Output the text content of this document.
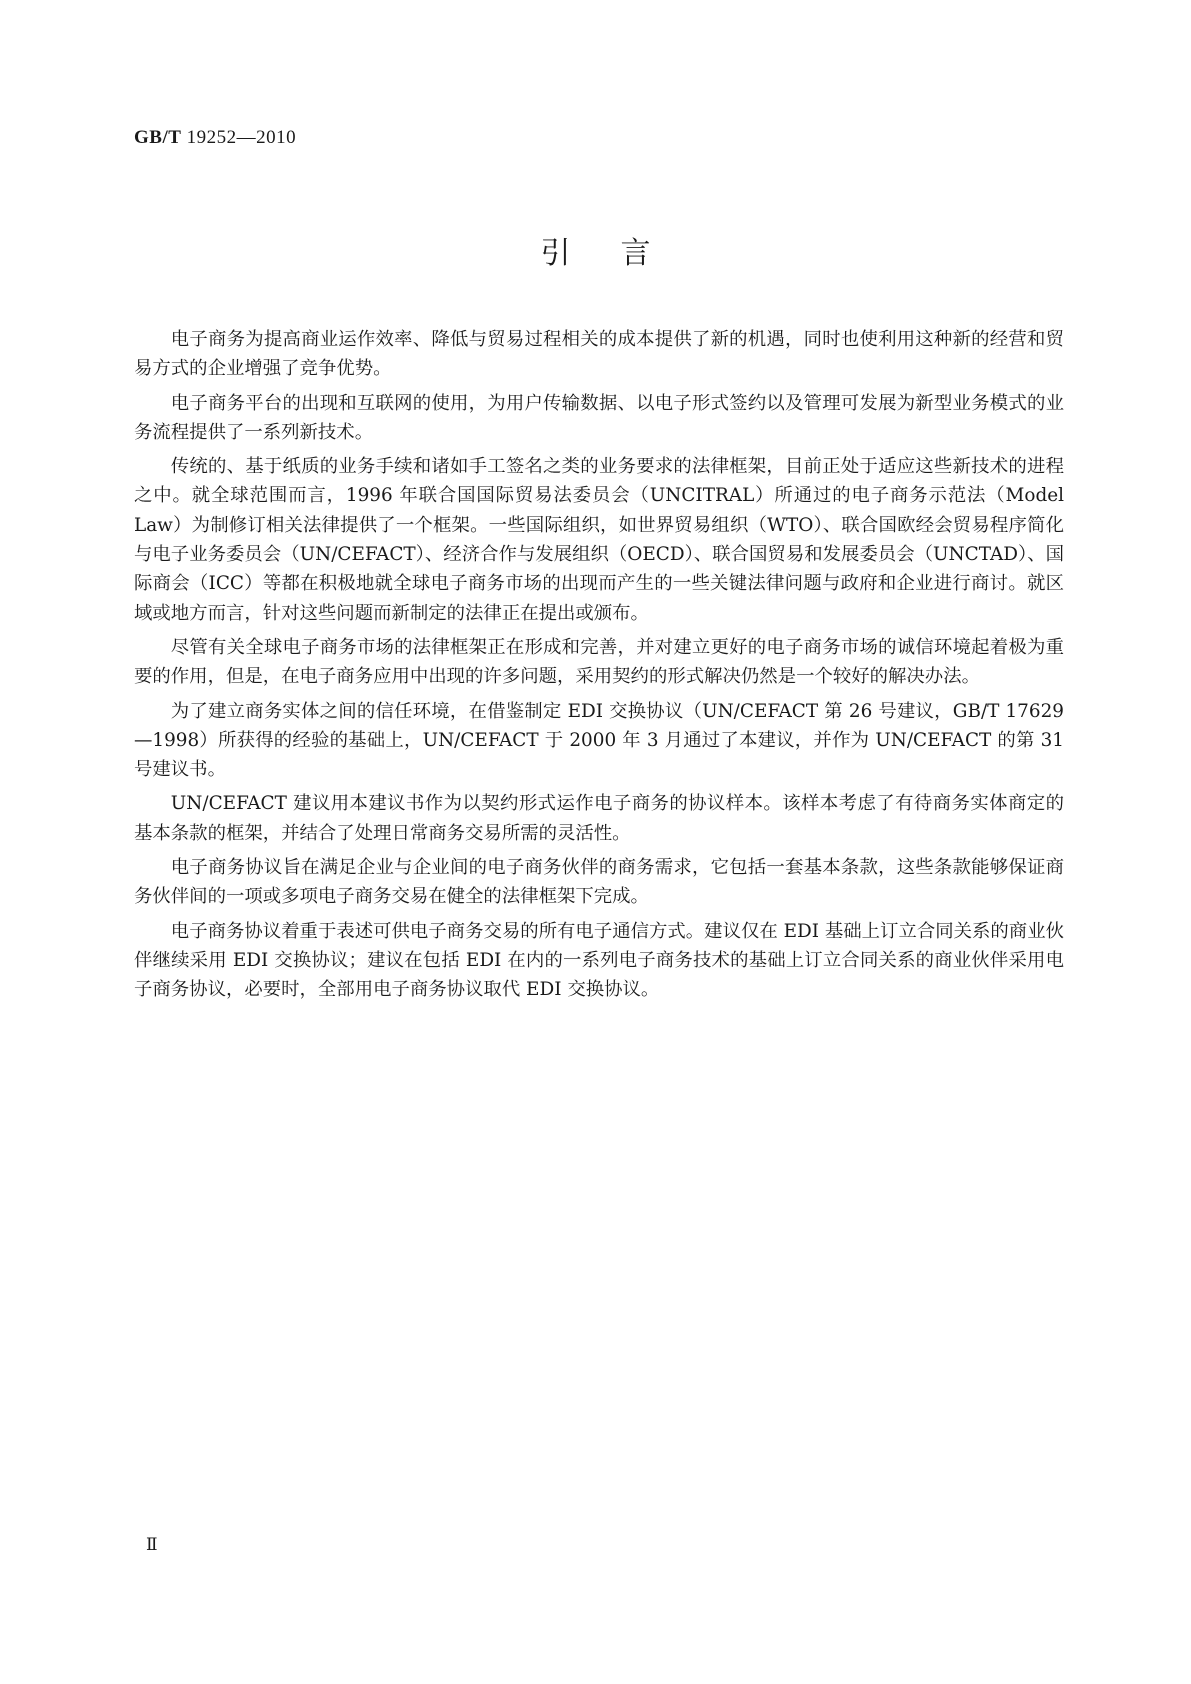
GB/T 19252—2010
引言

电子商务为提高商业运作效率、降低与贸易过程相关的成本提供了新的机遇，同时也使利用这种新的经营和贸易方式的企业增强了竞争优势。

电子商务平台的出现和互联网的使用，为用户传输数据、以电子形式签约以及管理可发展为新型业务模式的业务流程提供了一系列新技术。

传统的、基于纸质的业务手续和诸如手工签名之类的业务要求的法律框架，目前正处于适应这些新技术的进程之中。就全球范围而言，1996 年联合国国际贸易法委员会（UNCITRAL）所通过的电子商务示范法（Model Law）为制修订相关法律提供了一个框架。一些国际组织，如世界贸易组织（WTO）、联合国欧经会贸易程序简化与电子业务委员会（UN/CEFACT）、经济合作与发展组织（OECD）、联合国贸易和发展委员会（UNCTAD）、国际商会（ICC）等都在积极地就全球电子商务市场的出现而产生的一些关键法律问题与政府和企业进行商讨。就区域或地方而言，针对这些问题而新制定的法律正在提出或颁布。

尽管有关全球电子商务市场的法律框架正在形成和完善，并对建立更好的电子商务市场的诚信环境起着极为重要的作用，但是，在电子商务应用中出现的许多问题，采用契约的形式解决仍然是一个较好的解决办法。

为了建立商务实体之间的信任环境，在借鉴制定 EDI 交换协议（UN/CEFACT 第 26 号建议，GB/T 17629—1998）所获得的经验的基础上，UN/CEFACT 于 2000 年 3 月通过了本建议，并作为 UN/CEFACT 的第 31 号建议书。

UN/CEFACT 建议用本建议书作为以契约形式运作电子商务的协议样本。该样本考虑了有待商务实体商定的基本条款的框架，并结合了处理日常商务交易所需的灵活性。

电子商务协议旨在满足企业与企业间的电子商务伙伴的商务需求，它包括一套基本条款，这些条款能够保证商务伙伴间的一项或多项电子商务交易在健全的法律框架下完成。

电子商务协议着重于表述可供电子商务交易的所有电子通信方式。建议仅在 EDI 基础上订立合同关系的商业伙伴继续采用 EDI 交换协议；建议在包括 EDI 在内的一系列电子商务技术的基础上订立合同关系的商业伙伴采用电子商务协议，必要时，全部用电子商务协议取代 EDI 交换协议。

Ⅱ
